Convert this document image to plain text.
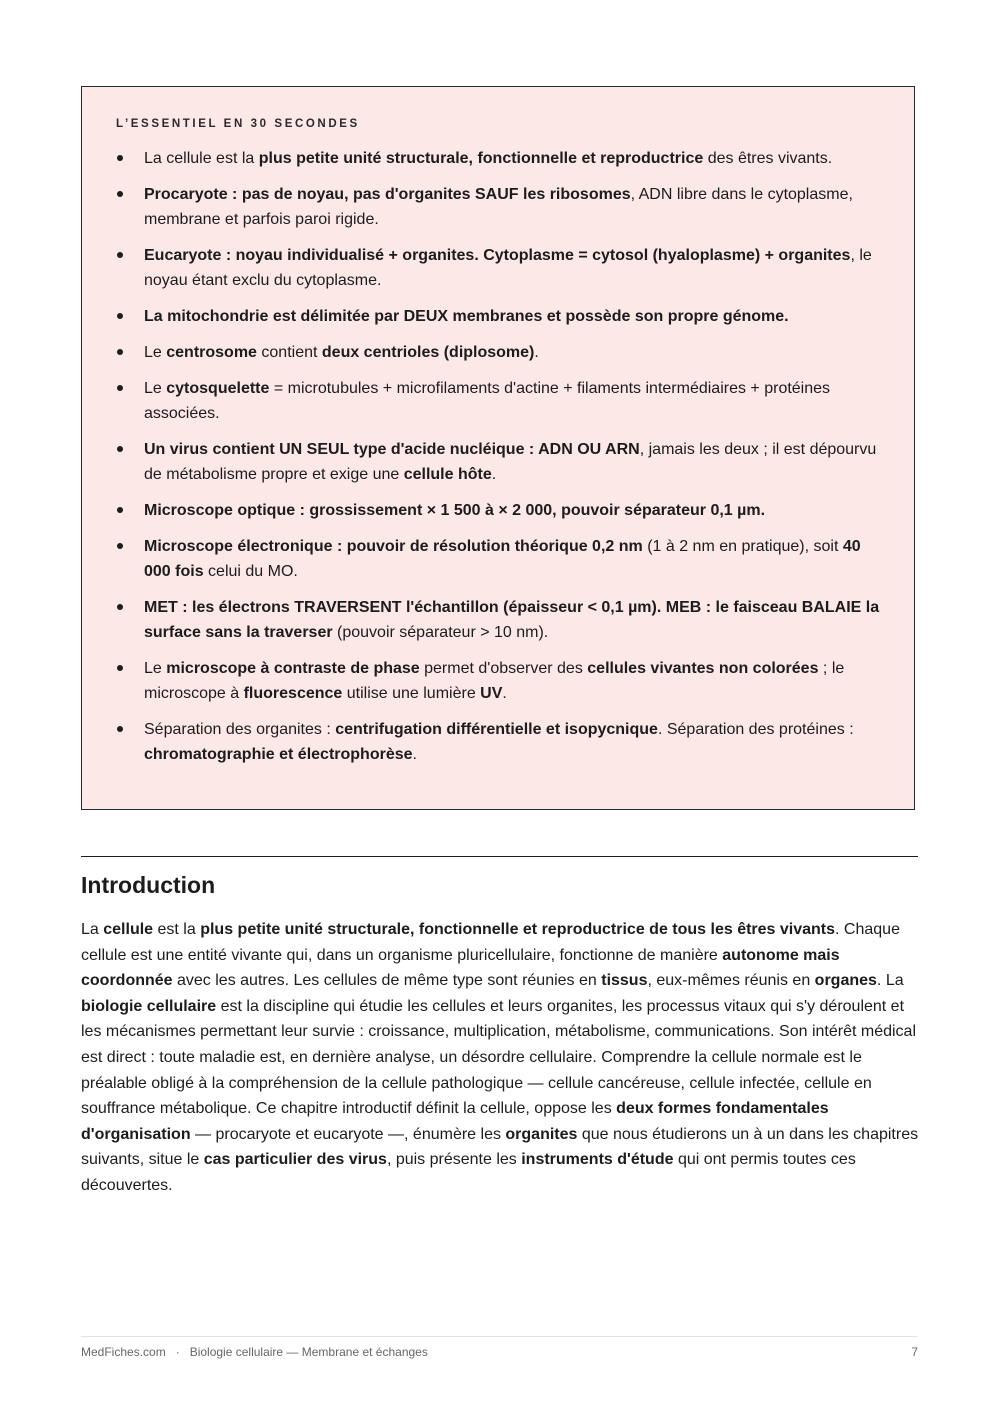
L’ESSENTIEL EN 30 SECONDES
La cellule est la plus petite unité structurale, fonctionnelle et reproductrice des êtres vivants.
Procaryote : pas de noyau, pas d'organites SAUF les ribosomes, ADN libre dans le cytoplasme, membrane et parfois paroi rigide.
Eucaryote : noyau individualisé + organites. Cytoplasme = cytosol (hyaloplasme) + organites, le noyau étant exclu du cytoplasme.
La mitochondrie est délimitée par DEUX membranes et possède son propre génome.
Le centrosome contient deux centrioles (diplosome).
Le cytosquelette = microtubules + microfilaments d'actine + filaments intermédiaires + protéines associées.
Un virus contient UN SEUL type d'acide nucléique : ADN OU ARN, jamais les deux ; il est dépourvu de métabolisme propre et exige une cellule hôte.
Microscope optique : grossissement × 1 500 à × 2 000, pouvoir séparateur 0,1 µm.
Microscope électronique : pouvoir de résolution théorique 0,2 nm (1 à 2 nm en pratique), soit 40 000 fois celui du MO.
MET : les électrons TRAVERSENT l'échantillon (épaisseur < 0,1 µm). MEB : le faisceau BALAIE la surface sans la traverser (pouvoir séparateur > 10 nm).
Le microscope à contraste de phase permet d'observer des cellules vivantes non colorées ; le microscope à fluorescence utilise une lumière UV.
Séparation des organites : centrifugation différentielle et isopycnique. Séparation des protéines : chromatographie et électrophorèse.
Introduction

La cellule est la plus petite unité structurale, fonctionnelle et reproductrice de tous les êtres vivants. Chaque cellule est une entité vivante qui, dans un organisme pluricellulaire, fonctionne de manière autonome mais coordonnée avec les autres. Les cellules de même type sont réunies en tissus, eux-mêmes réunis en organes. La biologie cellulaire est la discipline qui étudie les cellules et leurs organites, les processus vitaux qui s'y déroulent et les mécanismes permettant leur survie : croissance, multiplication, métabolisme, communications. Son intérêt médical est direct : toute maladie est, en dernière analyse, un désordre cellulaire. Comprendre la cellule normale est le préalable obligé à la compréhension de la cellule pathologique — cellule cancéreuse, cellule infectée, cellule en souffrance métabolique. Ce chapitre introductif définit la cellule, oppose les deux formes fondamentales d'organisation — procaryote et eucaryote —, énumère les organites que nous étudierons un à un dans les chapitres suivants, situe le cas particulier des virus, puis présente les instruments d'étude qui ont permis toutes ces découvertes.

MedFiches.com · Biologie cellulaire — Membrane et échanges	7
